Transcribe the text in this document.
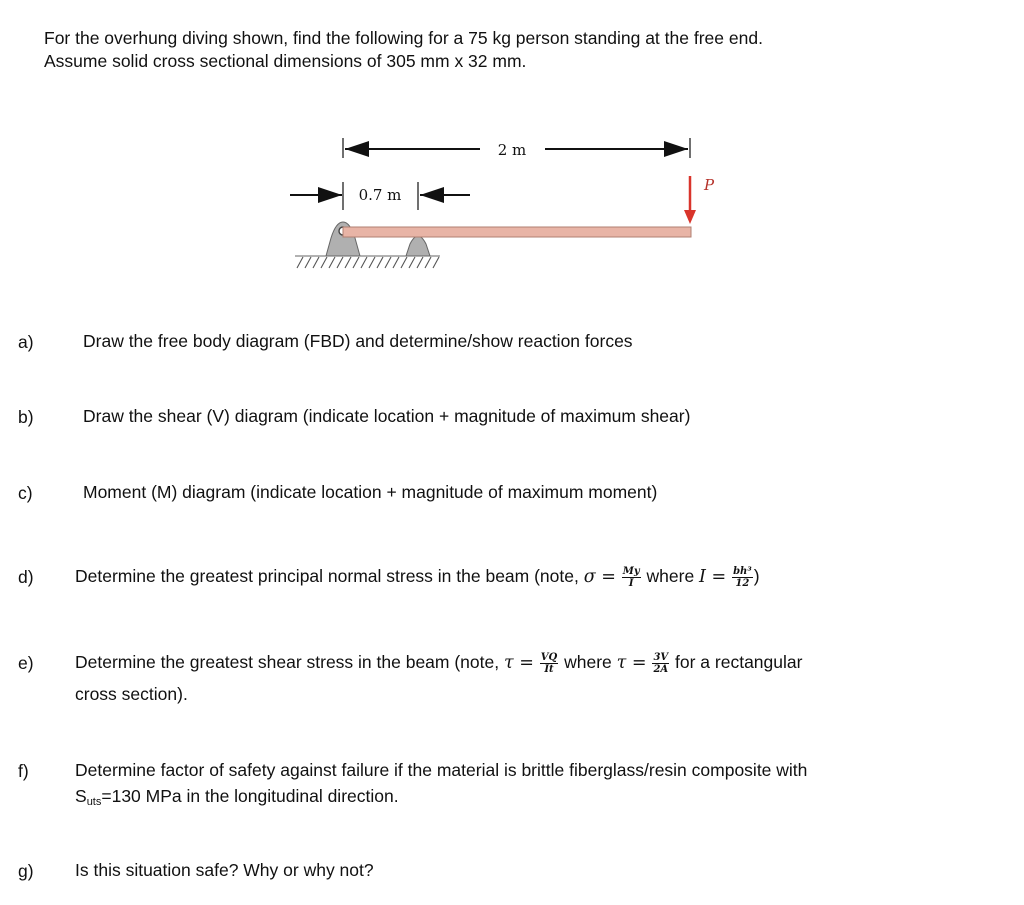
For the overhung diving shown, find the following for a 75 kg person standing at the free end.
Assume solid cross sectional dimensions of 305 mm x 32 mm.
2 m
0.7 m
P
a)	Draw the free body diagram (FBD) and determine/show reaction forces
b)	Draw the shear (V) diagram (indicate location + magnitude of maximum shear)
c)	Moment (M) diagram (indicate location + magnitude of maximum moment)
d) Determine the greatest principal normal stress in the beam (note, $\sigma = \frac{My}{I}$ where $I = \frac{\text{bh³}}{12}$ )
e) Determine the greatest shear stress in the beam (note, $\tau = \frac{VQ}{It}$ where $\tau = \frac{3V}{2A}$ for a rectangular
cross section).
f)	Determine factor of safety against failure if the material is brittle fiberglass/resin composite with
$S_{uts}=130$ MPa in the longitudinal direction.
g) Is this situation safe? Why or why not?
